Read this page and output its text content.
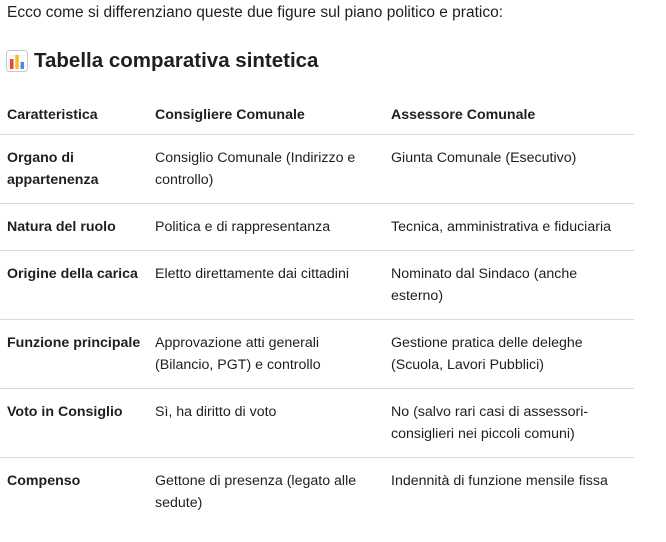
Ecco come si differenziano queste due figure sul piano politico e pratico:
Tabella comparativa sintetica
Caratteristica	Consigliere Comunale	Assessore Comunale
Organo di appartenenza	Consiglio Comunale (Indirizzo e controllo)	Giunta Comunale (Esecutivo)
Natura del ruolo	Politica e di rappresentanza	Tecnica, amministrativa e fiduciaria
Origine della carica	Eletto direttamente dai cittadini	Nominato dal Sindaco (anche esterno)
Funzione principale	Approvazione atti generali (Bilancio, PGT) e controllo	Gestione pratica delle deleghe (Scuola, Lavori Pubblici)
Voto in Consiglio	Sì, ha diritto di voto	No (salvo rari casi di assessori-consiglieri nei piccoli comuni)
Compenso	Gettone di presenza (legato alle sedute)	Indennità di funzione mensile fissa
